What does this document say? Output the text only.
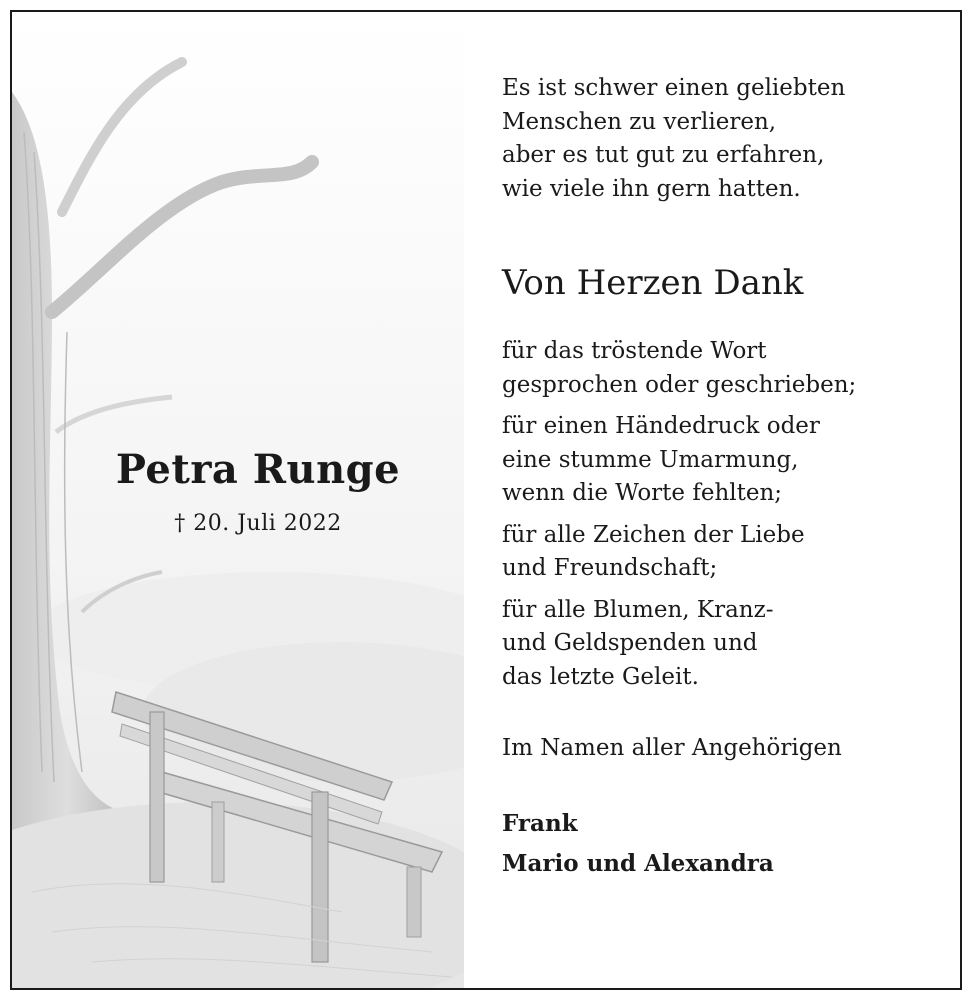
Petra Runge
† 20. Juli 2022
Es ist schwer einen geliebten
Menschen zu verlieren,
aber es tut gut zu erfahren,
wie viele ihn gern hatten.
Von Herzen Dank
für das tröstende Wort
gesprochen oder geschrieben;
für einen Händedruck oder
eine stumme Umarmung,
wenn die Worte fehlten;
für alle Zeichen der Liebe
und Freundschaft;
für alle Blumen, Kranz-
und Geldspenden und
das letzte Geleit.
Im Namen aller Angehörigen
Frank
Mario und Alexandra
